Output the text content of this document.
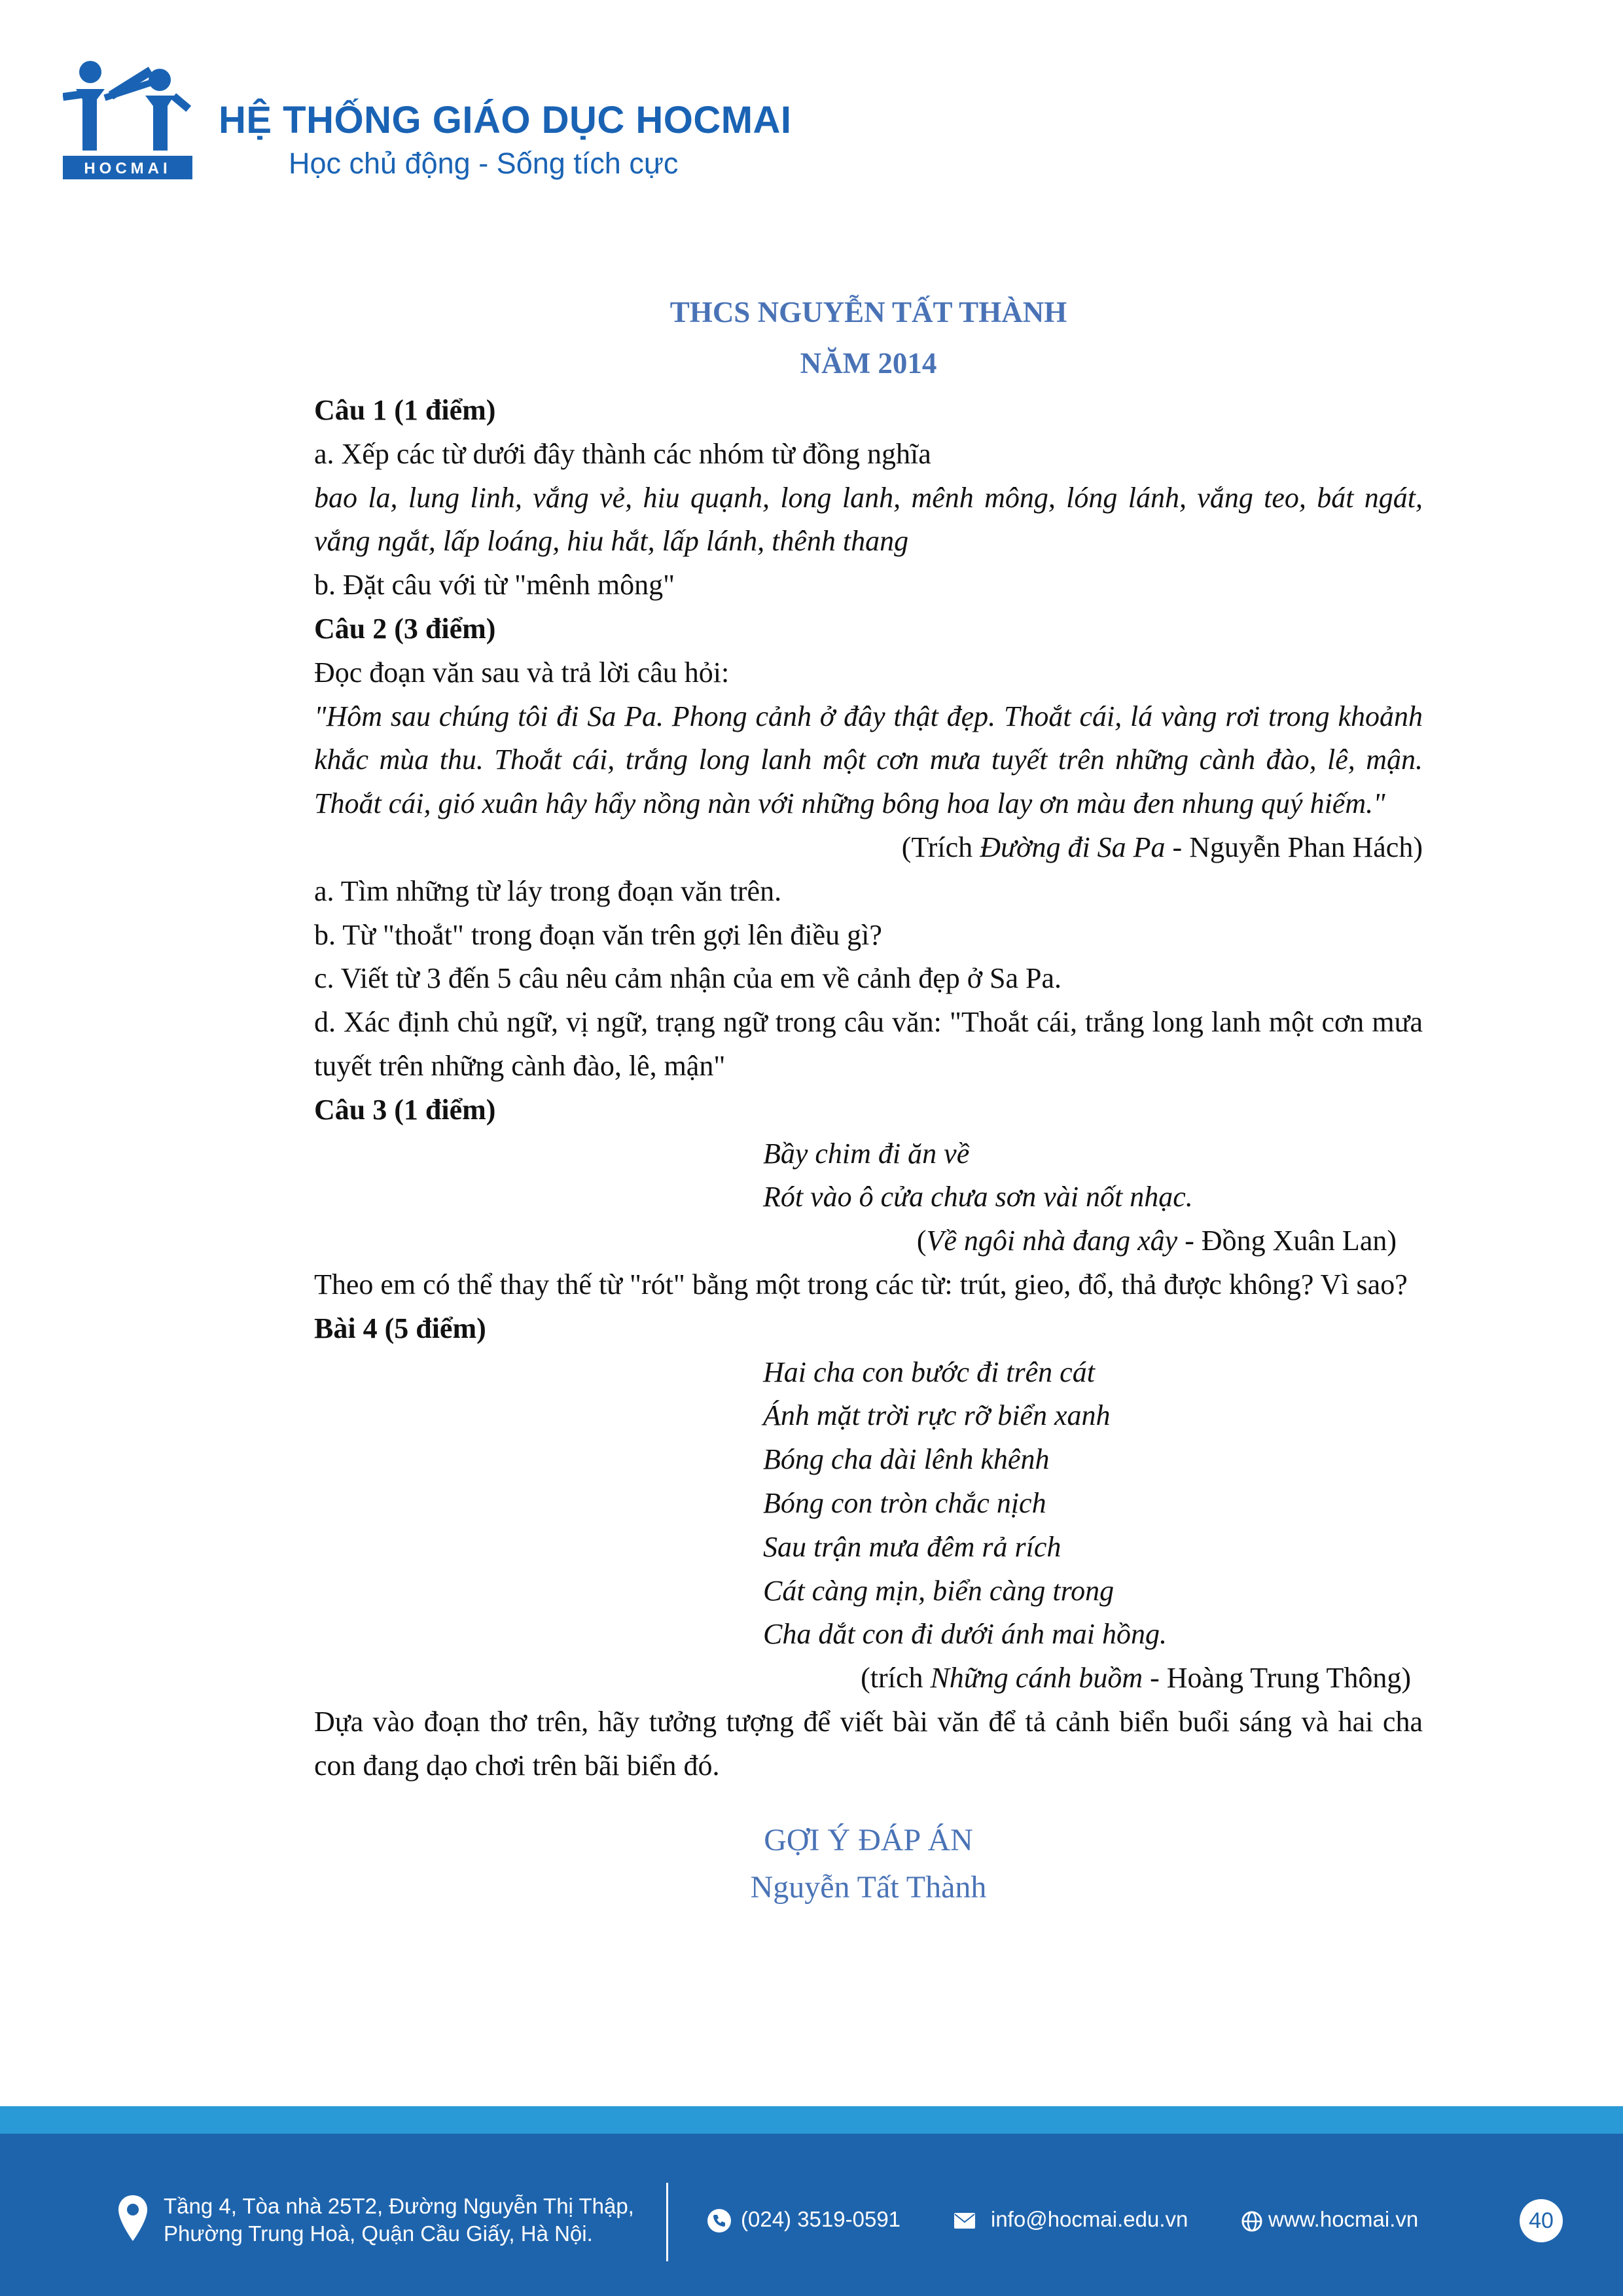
HOCMAI
HỆ THỐNG GIÁO DỤC HOCMAI
Học chủ động - Sống tích cực
THCS NGUYỄN TẤT THÀNH
NĂM 2014

Câu 1 (1 điểm)

a. Xếp các từ dưới đây thành các nhóm từ đồng nghĩa

bao la, lung linh, vắng vẻ, hiu quạnh, long lanh, mênh mông, lóng lánh, vắng teo, bát ngát, vắng ngắt, lấp loáng, hiu hắt, lấp lánh, thênh thang

b. Đặt câu với từ "mênh mông"

Câu 2 (3 điểm)

Đọc đoạn văn sau và trả lời câu hỏi:

"Hôm sau chúng tôi đi Sa Pa. Phong cảnh ở đây thật đẹp. Thoắt cái, lá vàng rơi trong khoảnh khắc mùa thu. Thoắt cái, trắng long lanh một cơn mưa tuyết trên những cành đào, lê, mận. Thoắt cái, gió xuân hây hẩy nồng nàn với những bông hoa lay ơn màu đen nhung quý hiếm."

(Trích Đường đi Sa Pa - Nguyễn Phan Hách)

a. Tìm những từ láy trong đoạn văn trên.

b. Từ "thoắt" trong đoạn văn trên gợi lên điều gì?

c. Viết từ 3 đến 5 câu nêu cảm nhận của em về cảnh đẹp ở Sa Pa.

d. Xác định chủ ngữ, vị ngữ, trạng ngữ trong câu văn: "Thoắt cái, trắng long lanh một cơn mưa tuyết trên những cành đào, lê, mận"

Câu 3 (1 điểm)

Bầy chim đi ăn về
Rót vào ô cửa chưa sơn vài nốt nhạc.
(Về ngôi nhà đang xây - Đồng Xuân Lan)

Theo em có thể thay thế từ "rót" bằng một trong các từ: trút, gieo, đổ, thả được không? Vì sao?

Bài 4 (5 điểm)

Hai cha con bước đi trên cát
Ánh mặt trời rực rỡ biển xanh
Bóng cha dài lênh khênh
Bóng con tròn chắc nịch
Sau trận mưa đêm rả rích
Cát càng mịn, biển càng trong
Cha dắt con đi dưới ánh mai hồng.
(trích Những cánh buồm - Hoàng Trung Thông)

Dựa vào đoạn thơ trên, hãy tưởng tượng để viết bài văn để tả cảnh biển buổi sáng và hai cha con đang dạo chơi trên bãi biển đó.

GỢI Ý ĐÁP ÁN
Nguyễn Tất Thành
Tầng 4, Tòa nhà 25T2, Đường Nguyễn Thị Thập,
Phường Trung Hoà, Quận Cầu Giấy, Hà Nội.
(024) 3519-0591	info@hocmai.edu.vn	www.hocmai.vn	40
